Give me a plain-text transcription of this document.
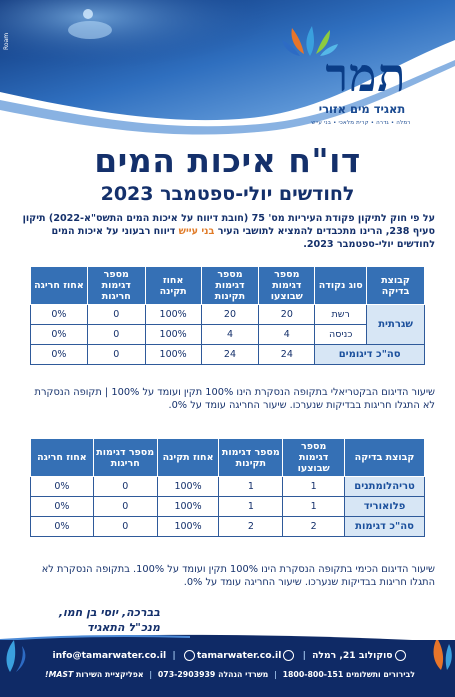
Roam
תמר
תאגיד מים אזורי
רמלה • גדרה • קרית מלאכי • בני עייש
דו"ח איכות המים
לחודשים יולי-ספטמבר 2023
על פי חוק לתיקון פקודת העיריות מס' 75 (חובת דיווח על איכות המים התשס"א-2022) תיקון סעיף 238, הרינו מתכבדים להמציא לתושבי העיר בני עייש דיווח רבעוני על איכות המים לחודשים יולי-ספטמבר 2023.
קבוצת בדיקה	סוג נקודה	מספר דגימות שבוצעו	מספר דגימות תקינות	אחוז תקינה	מספר דגימות חריגות	אחוז חריגה
שגרתית	רשת	20	20	100%	0	0%
	כניסה	4	4	100%	0	0%
סה"כ דיגומים		24	24	100%	0	0%
שיעור הדיגום הבקטריאלי בתקופה הנסקרת הינו 100% תקין ועומד על 100% | תקופה הנסקרת לא התגלו חריגות בבדיקות שנערכו. שיעור החריגה עומד על 0%.
קבוצת בדיקה	מספר דגימות שבוצעו	מספר דגימות תקינות	אחוז תקינה	מספר דגימות חריגות	אחוז חריגה
טריהלומתנים	1	1	100%	0	0%
פלואוריד	1	1	100%	0	0%
סה"כ דגימות	2	2	100%	0	0%
שיעור הדיגום הכימי בתקופה הנסקרת הינו 100% תקין ועומד על 100%. בתקופה הנסקרת לא התגלו חריגות בבדיקות שנערכו. שיעור החריגה עומד על 0%.
בברכה, יוסי בן חמו,
מנכ"ל התאגיד
סוקולוב 21, רמלה | info@tamarwater.co.il | tamarwater.co.il
לבירורים ותשלומים 1800-800-151 | משרדי הנהלה 073-2903939 | אפליקציית השירות MAST!
